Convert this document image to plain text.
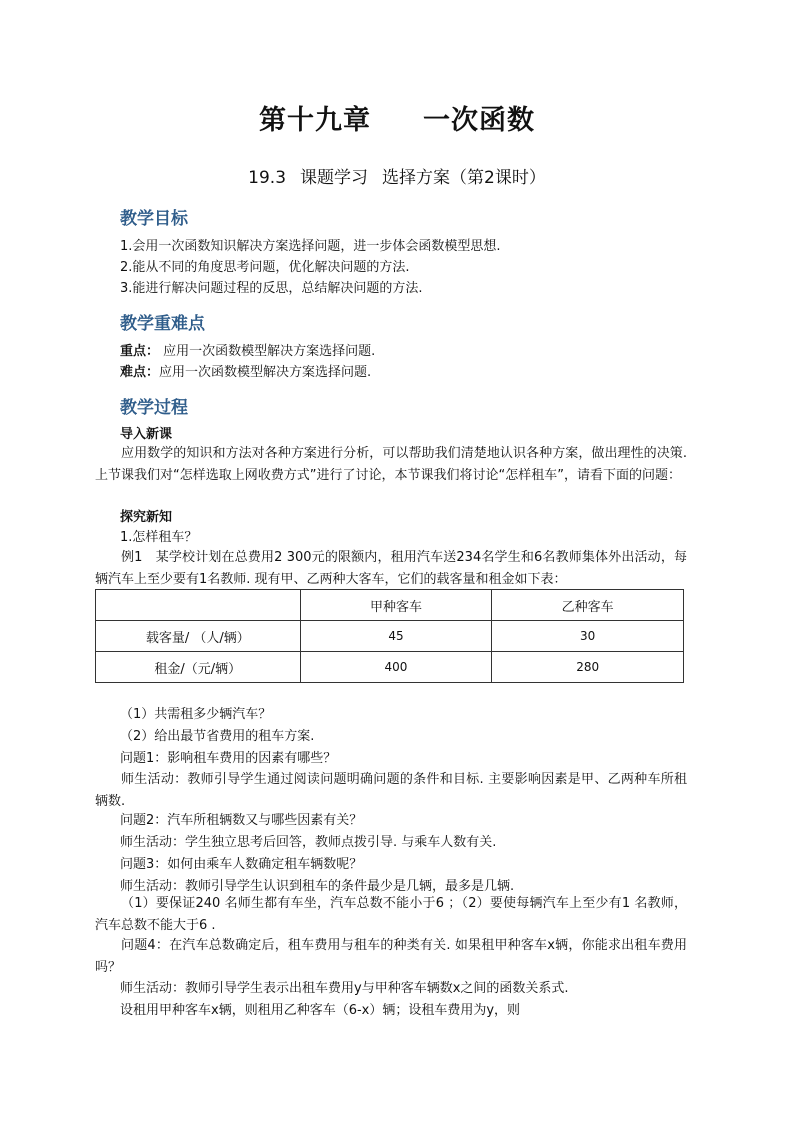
第十九章 一次函数
19.3 课题学习 选择方案（第2课时）
教学目标
1.会用一次函数知识解决方案选择问题，进一步体会函数模型思想.
2.能从不同的角度思考问题，优化解决问题的方法.
3.能进行解决问题过程的反思，总结解决问题的方法.
教学重难点
重点： 应用一次函数模型解决方案选择问题.
难点：应用一次函数模型解决方案选择问题.
教学过程
导入新课
应用数学的知识和方法对各种方案进行分析，可以帮助我们清楚地认识各种方案，做出理性的决策. 上节课我们对“怎样选取上网收费方式”进行了讨论，本节课我们将讨论“怎样租车”，请看下面的问题：
探究新知
1.怎样租车？
例1　某学校计划在总费用2 300元的限额内，租用汽车送234名学生和6名教师集体外出活动，每辆汽车上至少要有1名教师. 现有甲、乙两种大客车，它们的载客量和租金如下表：
	甲种客车	乙种客车
载客量/ （人/辆）	45	30
租金/（元/辆）	400	280
（1）共需租多少辆汽车？
（2）给出最节省费用的租车方案.
问题1：影响租车费用的因素有哪些？
师生活动：教师引导学生通过阅读问题明确问题的条件和目标. 主要影响因素是甲、乙两种车所租辆数.
问题2：汽车所租辆数又与哪些因素有关？
师生活动：学生独立思考后回答，教师点拨引导. 与乘车人数有关.
问题3：如何由乘车人数确定租车辆数呢？
师生活动：教师引导学生认识到租车的条件最少是几辆，最多是几辆.
（1）要保证240 名师生都有车坐，汽车总数不能小于6 ；（2）要使每辆汽车上至少有1 名教师，汽车总数不能大于6 .
问题4：在汽车总数确定后，租车费用与租车的种类有关. 如果租甲种客车x辆，你能求出租车费用吗？
师生活动：教师引导学生表示出租车费用y与甲种客车辆数x之间的函数关系式.
设租用甲种客车x辆，则租用乙种客车（6-x）辆；设租车费用为y，则
